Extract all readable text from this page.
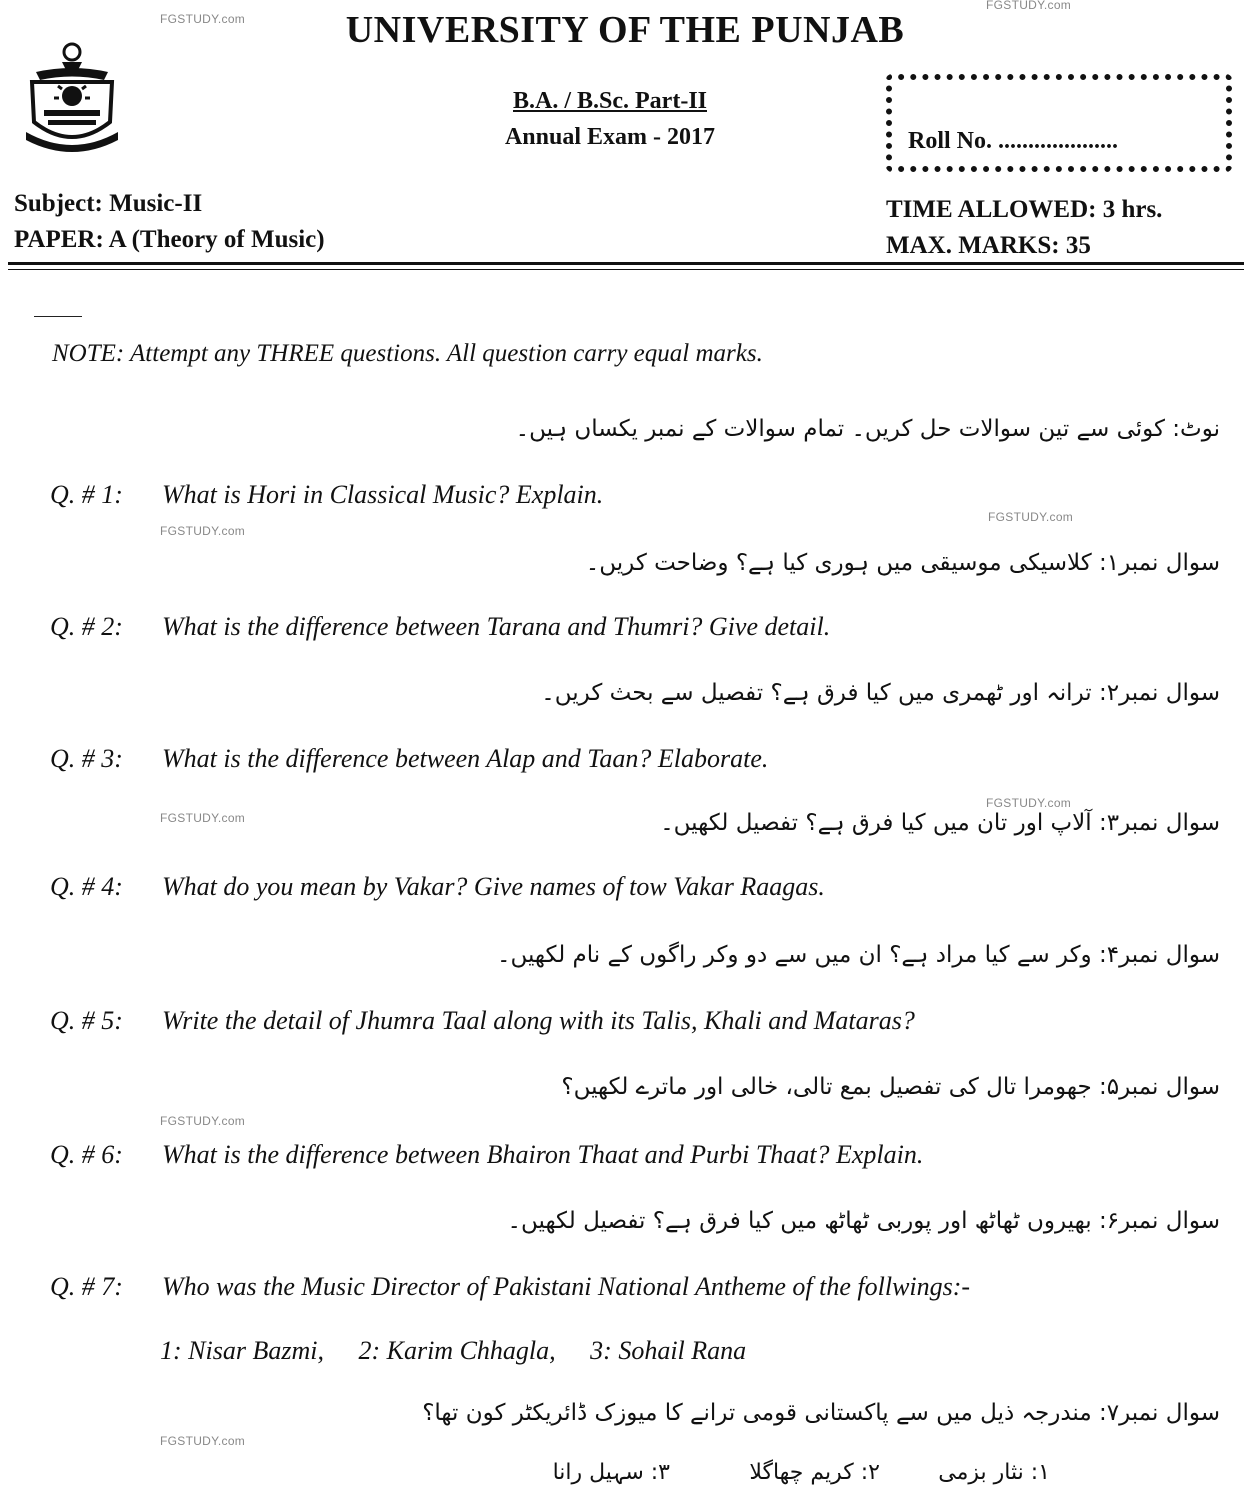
FGSTUDY.com
FGSTUDY.com
FGSTUDY.com
FGSTUDY.com
FGSTUDY.com
FGSTUDY.com
FGSTUDY.com
FGSTUDY.com
UNIVERSITY OF THE PUNJAB
B.A. / B.Sc. Part-II
Annual Exam - 2017	Roll No. ....................
Subject: Music-II
PAPER: A (Theory of Music)
TIME ALLOWED: 3 hrs.
MAX. MARKS: 35
NOTE: Attempt any THREE questions. All question carry equal marks.
نوٹ: کوئی سے تین سوالات حل کریں۔ تمام سوالات کے نمبر یکساں ہیں۔
Q. # 1: What is Hori in Classical Music? Explain.
سوال نمبر۱: کلاسیکی موسیقی میں ہوری کیا ہے؟ وضاحت کریں۔
Q. # 2: What is the difference between Tarana and Thumri? Give detail.
سوال نمبر۲: ترانہ اور ٹھمری میں کیا فرق ہے؟ تفصیل سے بحث کریں۔
Q. # 3: What is the difference between Alap and Taan? Elaborate.
سوال نمبر۳: آلاپ اور تان میں کیا فرق ہے؟ تفصیل لکھیں۔
Q. # 4: What do you mean by Vakar? Give names of tow Vakar Raagas.
سوال نمبر۴: وکر سے کیا مراد ہے؟ ان میں سے دو وکر راگوں کے نام لکھیں۔
Q. # 5: Write the detail of Jhumra Taal along with its Talis, Khali and Mataras?
سوال نمبر۵: جھومرا تال کی تفصیل بمع تالی، خالی اور ماترے لکھیں؟
Q. # 6: What is the difference between Bhairon Thaat and Purbi Thaat? Explain.
سوال نمبر۶: بھیروں ٹھاٹھ اور پوربی ٹھاٹھ میں کیا فرق ہے؟ تفصیل لکھیں۔
Q. # 7: Who was the Music Director of Pakistani National Antheme of the follwings:-
1: Nisar Bazmi, 2: Karim Chhagla, 3: Sohail Rana
سوال نمبر۷: مندرجہ ذیل میں سے پاکستانی قومی ترانے کا میوزک ڈائریکٹر کون تھا؟
۱: نثار بزمی
۲: کریم چھاگلا
۳: سہیل رانا
